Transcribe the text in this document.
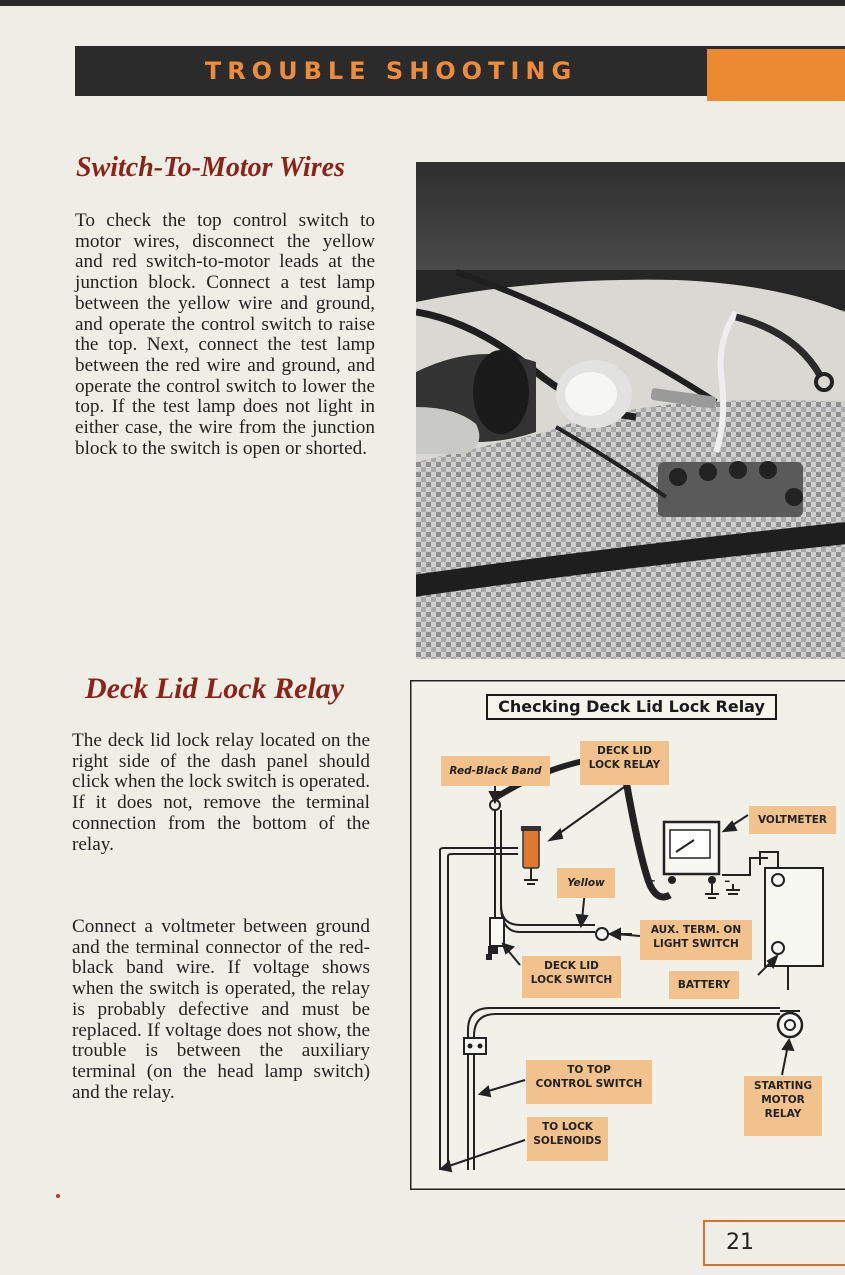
TROUBLE SHOOTING
Switch-To-Motor Wires

To check the top control switch to motor wires, disconnect the yellow and red switch-to-motor leads at the junction block. Connect a test lamp between the yellow wire and ground, and operate the control switch to raise the top. Next, connect the test lamp between the red wire and ground, and operate the control switch to lower the top. If the test lamp does not light in either case, the wire from the junction block to the switch is open or shorted.

Deck Lid Lock Relay

The deck lid lock relay located on the right side of the dash panel should click when the lock switch is operated. If it does not, remove the terminal connection from the bottom of the relay.

Connect a voltmeter between ground and the terminal connector of the red-black band wire. If voltage shows when the switch is operated, the relay is probably defective and must be replaced. If voltage does not show, the trouble is between the auxiliary terminal (on the head lamp switch) and the relay.

+	-
Checking Deck Lid Lock Relay
Red-Black Band
DECK LID
LOCK RELAY
VOLTMETER
Yellow
AUX. TERM. ON
LIGHT SWITCH
DECK LID
LOCK SWITCH	BATTERY
TO TOP
CONTROL SWITCH	STARTING
MOTOR
RELAY
TO LOCK
SOLENOIDS
21
